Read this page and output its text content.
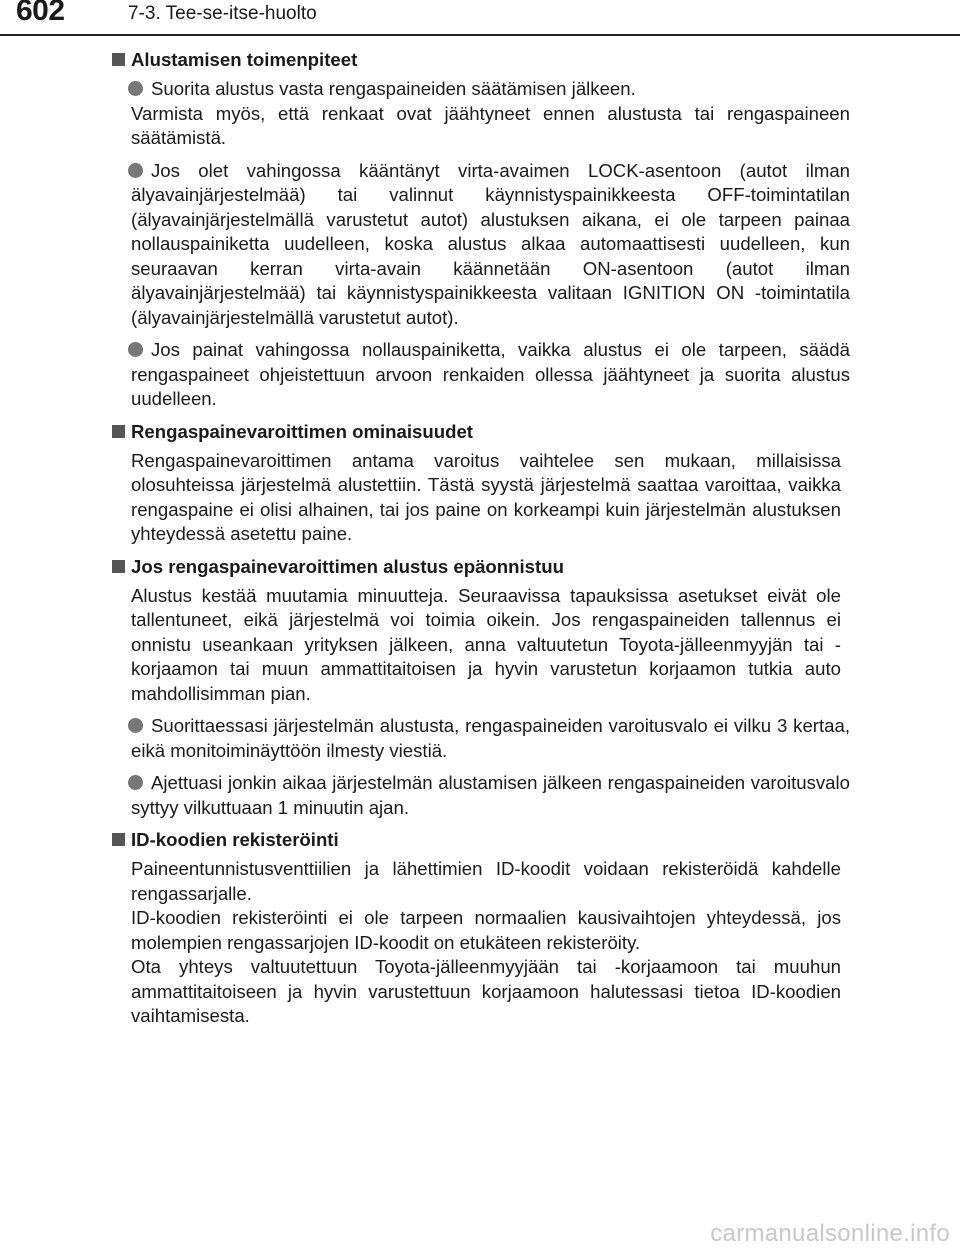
602	7-3. Tee-se-itse-huolto
Alustamisen toimenpiteet
Suorita alustus vasta rengaspaineiden säätämisen jälkeen.
Varmista myös, että renkaat ovat jäähtyneet ennen alustusta tai rengaspaineen säätämistä.
Jos olet vahingossa kääntänyt virta-avaimen LOCK-asentoon (autot ilman älyavainjärjestelmää) tai valinnut käynnistyspainikkeesta OFF-toimintatilan (älyavainjärjestelmällä varustetut autot) alustuksen aikana, ei ole tarpeen painaa nollauspainiketta uudelleen, koska alustus alkaa automaattisesti uudelleen, kun seuraavan kerran virta-avain käännetään ON-asentoon (autot ilman älyavainjärjestelmää) tai käynnistyspainikkeesta valitaan IGNITION ON -toimintatila (älyavainjärjestelmällä varustetut autot).
Jos painat vahingossa nollauspainiketta, vaikka alustus ei ole tarpeen, säädä rengaspaineet ohjeistettuun arvoon renkaiden ollessa jäähtyneet ja suorita alustus uudelleen.
Rengaspainevaroittimen ominaisuudet
Rengaspainevaroittimen antama varoitus vaihtelee sen mukaan, millaisissa olosuhteissa järjestelmä alustettiin. Tästä syystä järjestelmä saattaa varoittaa, vaikka rengaspaine ei olisi alhainen, tai jos paine on korkeampi kuin järjestelmän alustuksen yhteydessä asetettu paine.
Jos rengaspainevaroittimen alustus epäonnistuu
Alustus kestää muutamia minuutteja. Seuraavissa tapauksissa asetukset eivät ole tallentuneet, eikä järjestelmä voi toimia oikein. Jos rengaspaineiden tallennus ei onnistu useankaan yrityksen jälkeen, anna valtuutetun Toyota-jälleenmyyjän tai -korjaamon tai muun ammattitaitoisen ja hyvin varustetun korjaamon tutkia auto mahdollisimman pian.
Suorittaessasi järjestelmän alustusta, rengaspaineiden varoitusvalo ei vilku 3 kertaa, eikä monitoiminäyttöön ilmesty viestiä.
Ajettuasi jonkin aikaa järjestelmän alustamisen jälkeen rengaspaineiden varoitusvalo syttyy vilkuttuaan 1 minuutin ajan.
ID-koodien rekisteröinti
Paineentunnistusventtiilien ja lähettimien ID-koodit voidaan rekisteröidä kahdelle rengassarjalle.
ID-koodien rekisteröinti ei ole tarpeen normaalien kausivaihtojen yhteydessä, jos molempien rengassarjojen ID-koodit on etukäteen rekisteröity.
Ota yhteys valtuutettuun Toyota-jälleenmyyjään tai -korjaamoon tai muuhun ammattitaitoiseen ja hyvin varustettuun korjaamoon halutessasi tietoa ID-koodien vaihtamisesta.
carmanualsonline.info
